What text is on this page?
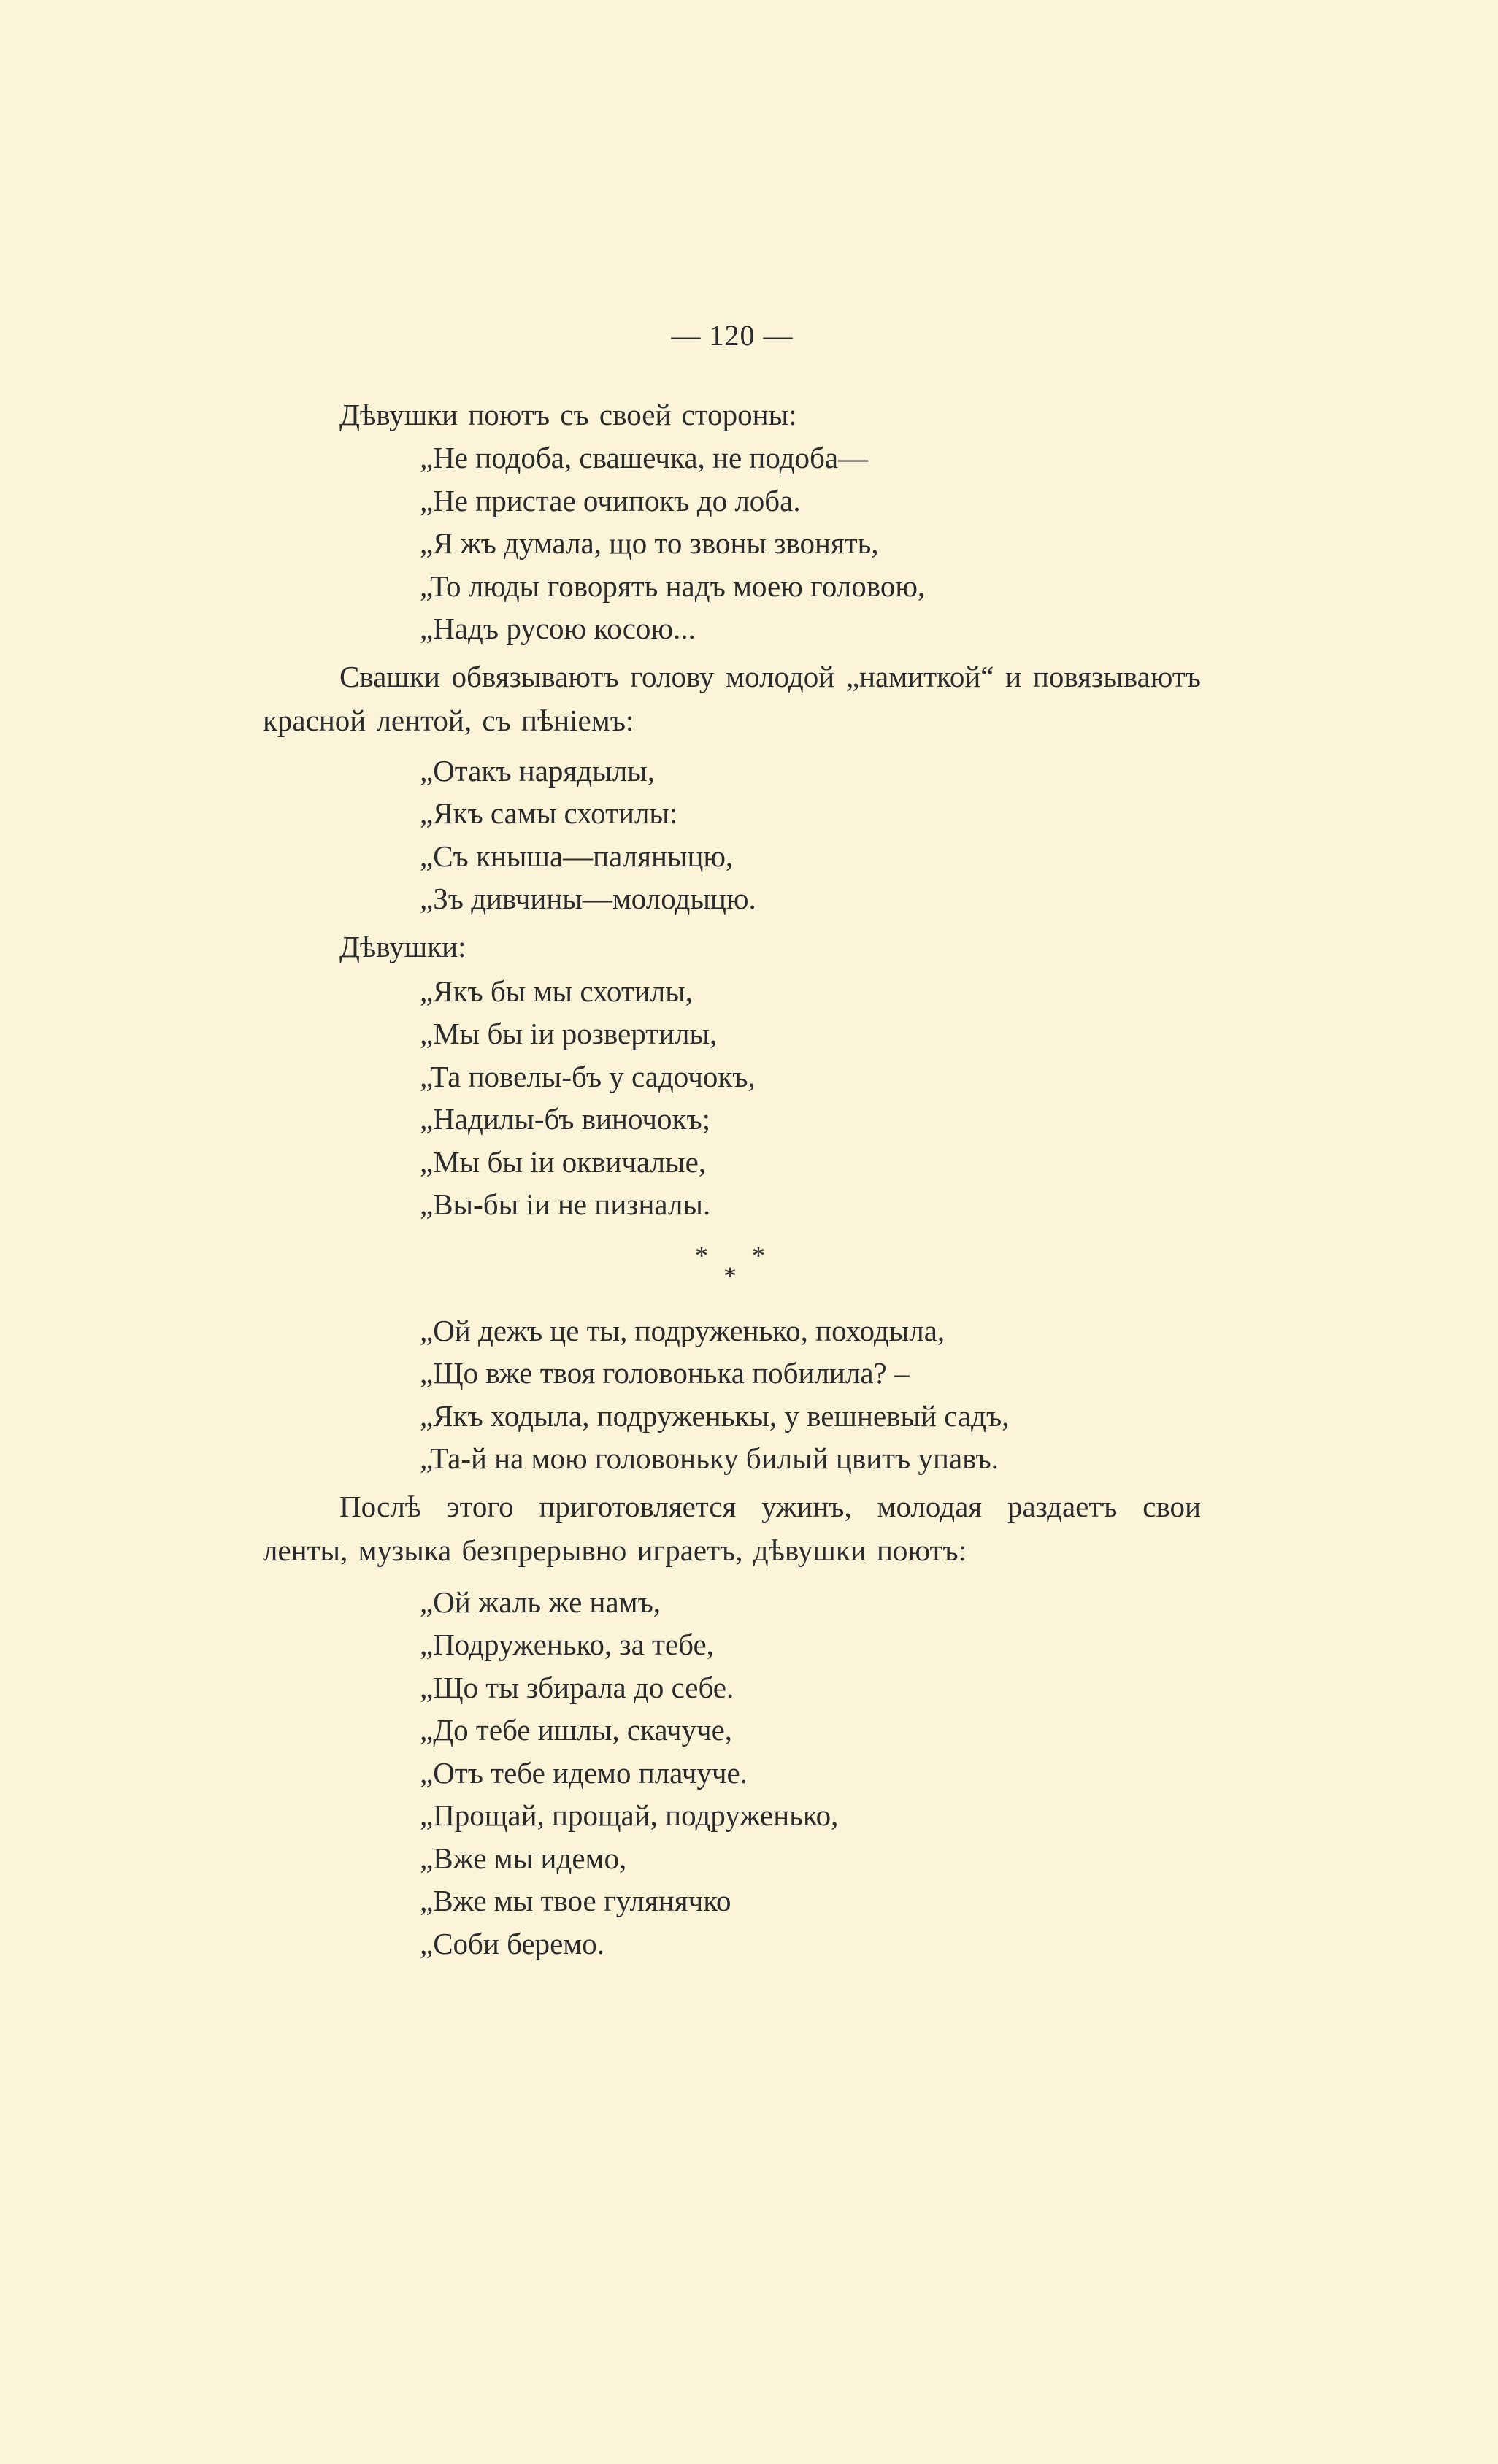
— 120 —
Дѣвушки поютъ съ своей стороны:
„Не подоба, свашечка, не подоба—
„Не пристае очипокъ до лоба.
„Я жъ думала, що то звоны звонять,
„То люды говорять надъ моею головою,
„Надъ русою косою...
Свашки обвязываютъ голову молодой „намиткой“ и повязываютъ красной лентой, съ пѣніемъ:
„Отакъ нарядылы,
„Якъ самы схотилы:
„Съ кныша—паляныцю,
„Зъ дивчины—молодыцю.
Дѣвушки:
„Якъ бы мы схотилы,
„Мы бы іи розвертилы,
„Та повелы-бъ у садочокъ,
„Надилы-бъ виночокъ;
„Мы бы іи оквичалые,
„Вы-бы іи не пизналы.
* *
*
„Ой дежъ це ты, подруженько, походыла,
„Що вже твоя головонька побилила? –
„Якъ ходыла, подруженькы, у вешневый садъ,
„Та-й на мою головоньку билый цвитъ упавъ.
Послѣ этого приготовляется ужинъ, молодая раздаетъ свои ленты, музыка безпрерывно играетъ, дѣвушки поютъ:
„Ой жаль же намъ,
„Подруженько, за тебе,
„Що ты збирала до себе.
„До тебе ишлы, скачуче,
„Отъ тебе идемо плачуче.
„Прощай, прощай, подруженько,
„Вже мы идемо,
„Вже мы твое гулянячко
„Соби беремо.
